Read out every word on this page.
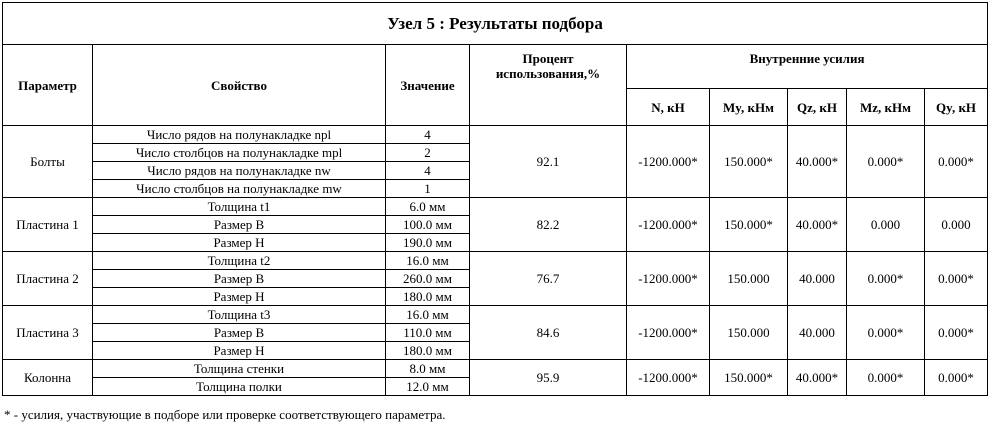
Узел 5 : Результаты подбора								
Параметр	Свойство	Значение	Процент использования,%	Внутренние усилия				
				N, кН	My, кНм	Qz, кН	Mz, кНм	Qy, кН
Болты	Число рядов на полунакладке npl	4	92.1	-1200.000*	150.000*	40.000*	0.000*	0.000*
	Число столбцов на полунакладке mpl	2						
	Число рядов на полунакладке nw	4						
	Число столбцов на полунакладке mw	1						
Пластина 1	Толщина t1	6.0 мм	82.2	-1200.000*	150.000*	40.000*	0.000	0.000
	Размер B	100.0 мм						
	Размер H	190.0 мм						
Пластина 2	Толщина t2	16.0 мм	76.7	-1200.000*	150.000	40.000	0.000*	0.000*
	Размер B	260.0 мм						
	Размер H	180.0 мм						
Пластина 3	Толщина t3	16.0 мм	84.6	-1200.000*	150.000	40.000	0.000*	0.000*
	Размер B	110.0 мм						
	Размер H	180.0 мм						
Колонна	Толщина стенки	8.0 мм	95.9	-1200.000*	150.000*	40.000*	0.000*	0.000*
	Толщина полки	12.0 мм						
* - усилия, участвующие в подборе или проверке соответствующего параметра.
